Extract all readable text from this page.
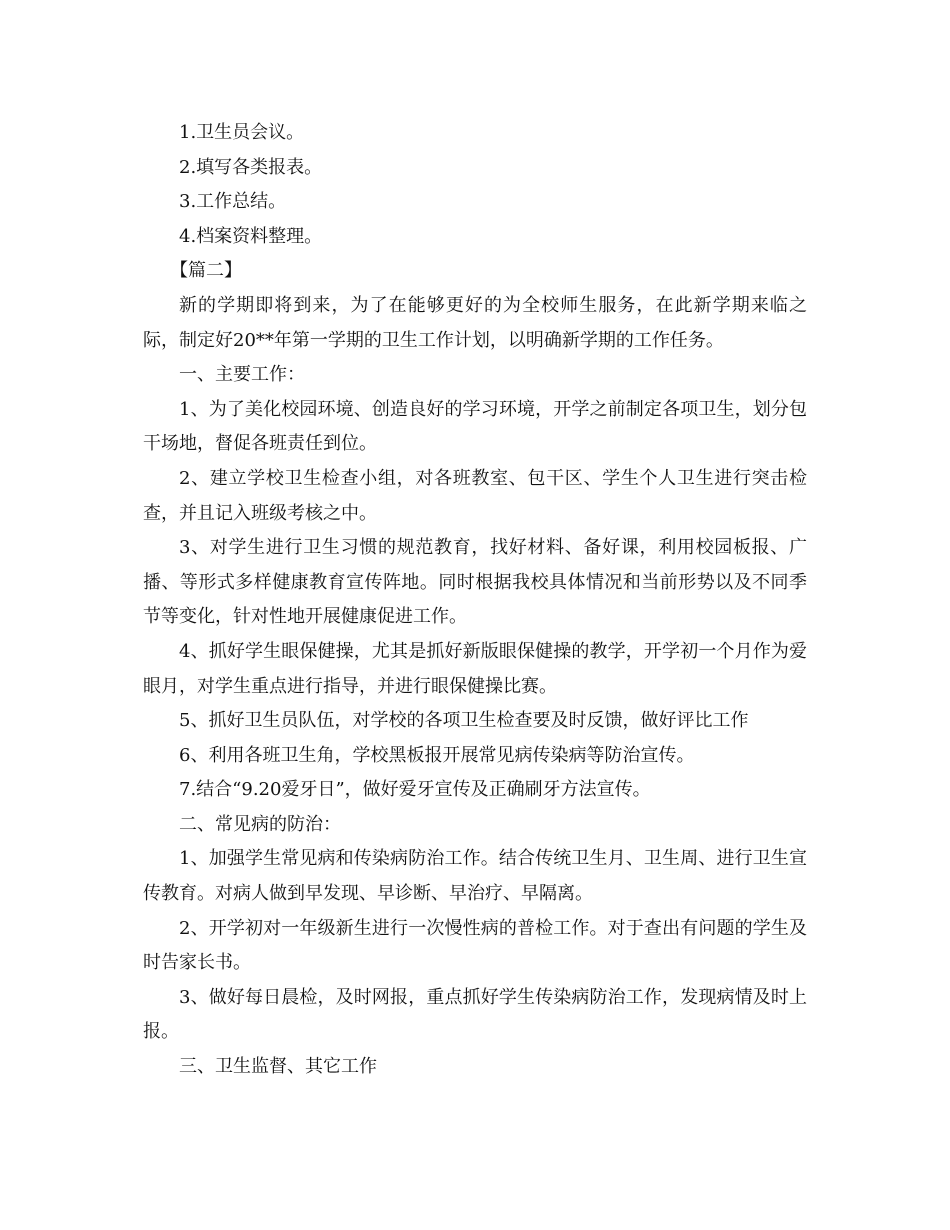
1.卫生员会议。

2.填写各类报表。

3.工作总结。

4.档案资料整理。

【篇二】

新的学期即将到来，为了在能够更好的为全校师生服务，在此新学期来临之际，制定好20**年第一学期的卫生工作计划，以明确新学期的工作任务。

一、主要工作：

1、为了美化校园环境、创造良好的学习环境，开学之前制定各项卫生，划分包干场地，督促各班责任到位。

2、建立学校卫生检查小组，对各班教室、包干区、学生个人卫生进行突击检查，并且记入班级考核之中。

3、对学生进行卫生习惯的规范教育，找好材料、备好课，利用校园板报、广播、等形式多样健康教育宣传阵地。同时根据我校具体情况和当前形势以及不同季节等变化，针对性地开展健康促进工作。

4、抓好学生眼保健操，尤其是抓好新版眼保健操的教学，开学初一个月作为爱眼月，对学生重点进行指导，并进行眼保健操比赛。

5、抓好卫生员队伍，对学校的各项卫生检查要及时反馈，做好评比工作

6、利用各班卫生角，学校黑板报开展常见病传染病等防治宣传。

7.结合“9.20爱牙日”，做好爱牙宣传及正确刷牙方法宣传。

二、常见病的防治：

1、加强学生常见病和传染病防治工作。结合传统卫生月、卫生周、进行卫生宣传教育。对病人做到早发现、早诊断、早治疗、早隔离。

2、开学初对一年级新生进行一次慢性病的普检工作。对于查出有问题的学生及时告家长书。

3、做好每日晨检，及时网报，重点抓好学生传染病防治工作，发现病情及时上报。

三、卫生监督、其它工作
